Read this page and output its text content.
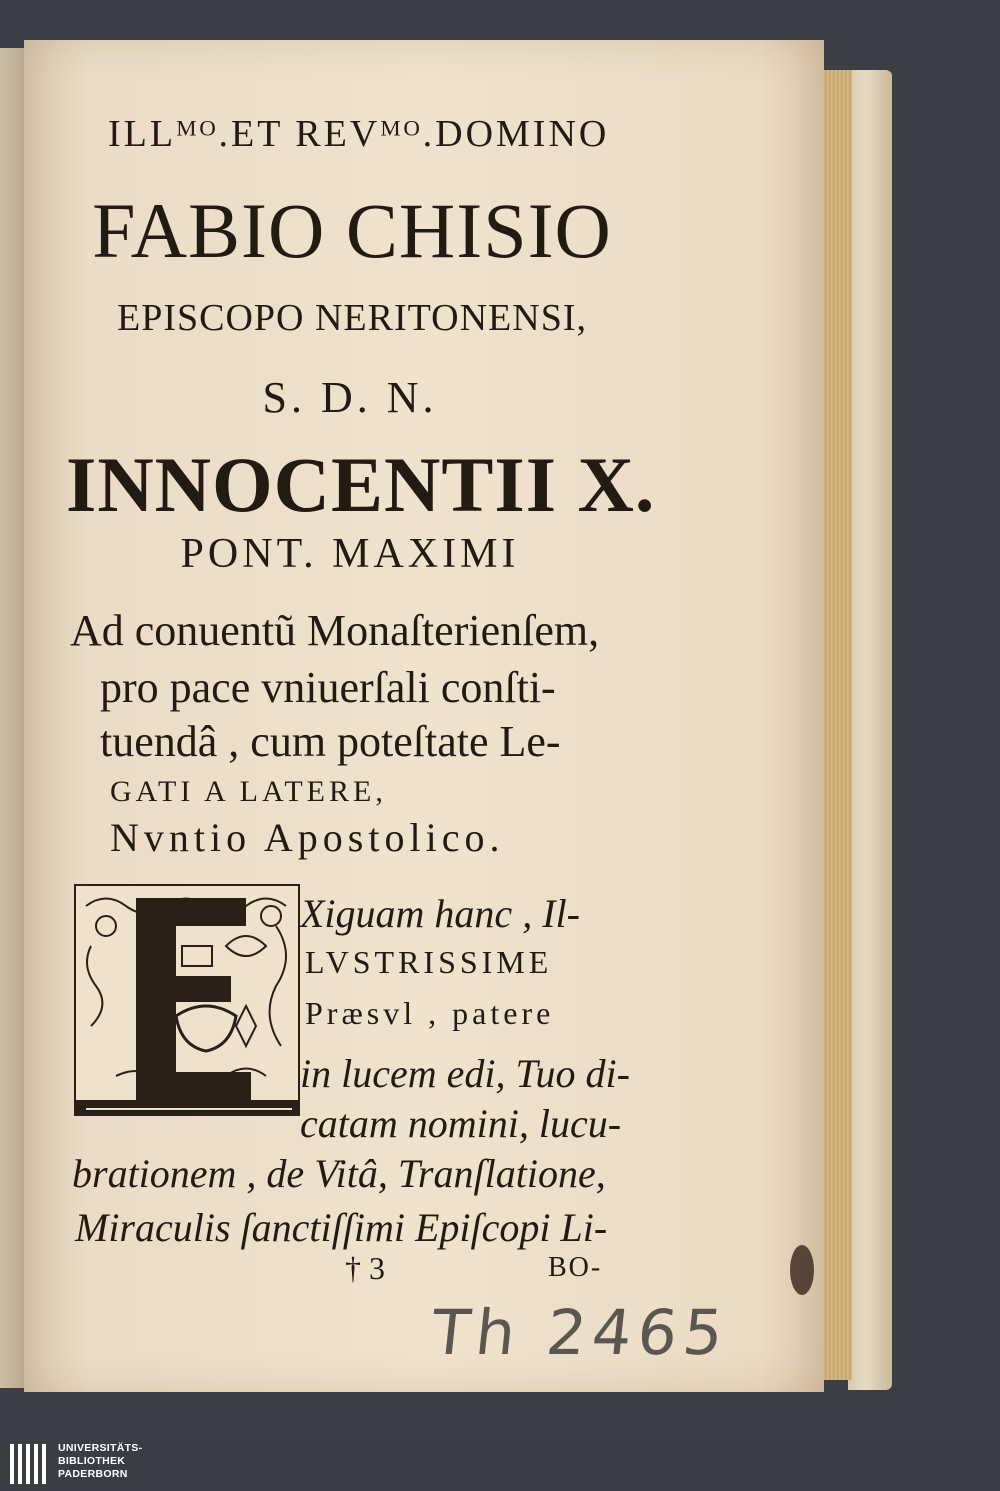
ILLᴹᴼ.ET REVᴹᴼ.DOMINO
FABIO CHISIO
EPISCOPO NERITONENSI,
S. D. N.
INNOCENTII X.
PONT. MAXIMI
Ad conuentũ Monaſterienſem,
pro pace vniuerſali conſti-
tuendâ , cum poteſtate Le-
GATI A LATERE,
Nvntio Apostolico.
Xiguam hanc , Il-
LVSTRISSIME
Præsvl , patere
in lucem edi, Tuo di-
catam nomini, lucu-
brationem , de Vitâ, Tranſlatione,
Miraculis ſanctiſſimi Epiſcopi Li-
† 3	BO-
Th 2465
UNIVERSITÄTS-
BIBLIOTHEK
PADERBORN
